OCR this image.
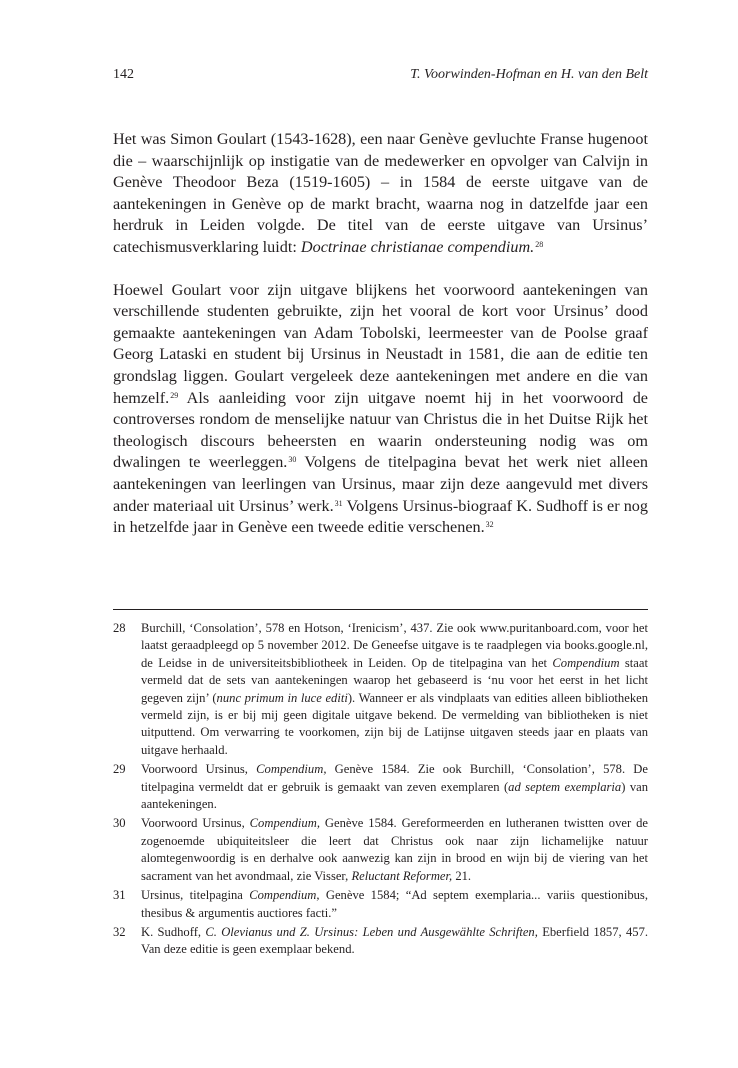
142	T. Voorwinden-Hofman en H. van den Belt

Het was Simon Goulart (1543-1628), een naar Genève gevluchte Franse hugenoot die – waarschijnlijk op instigatie van de medewerker en opvolger van Calvijn in Genève Theodoor Beza (1519-1605) – in 1584 de eerste uitgave van de aantekeningen in Genève op de markt bracht, waarna nog in datzelfde jaar een herdruk in Leiden volgde. De titel van de eerste uitgave van Ursinus’ catechismusverklaring luidt: Doctrinae christianae compendium.$^{28}$

Hoewel Goulart voor zijn uitgave blijkens het voorwoord aantekeningen van verschillende studenten gebruikte, zijn het vooral de kort voor Ursinus’ dood gemaakte aantekeningen van Adam Tobolski, leermeester van de Poolse graaf Georg Lataski en student bij Ursinus in Neustadt in 1581, die aan de editie ten grondslag liggen. Goulart vergeleek deze aantekeningen met andere en die van hemzelf.$^{29}$ Als aanleiding voor zijn uitgave noemt hij in het voorwoord de controverses rondom de menselijke natuur van Christus die in het Duitse Rijk het theologisch discours beheersten en waarin ondersteuning nodig was om dwalingen te weerleggen.$^{30}$ Volgens de titelpagina bevat het werk niet alleen aantekeningen van leerlingen van Ursinus, maar zijn deze aangevuld met divers ander materiaal uit Ursinus’ werk.$^{31}$ Volgens Ursinus-biograaf K. Sudhoff is er nog in hetzelfde jaar in Genève een tweede editie verschenen.$^{32}$

28 Burchill, ‘Consolation’, 578 en Hotson, ‘Irenicism’, 437. Zie ook www.puritanboard.com, voor het laatst geraadpleegd op 5 november 2012. De Geneefse uitgave is te raadplegen via books.google.nl, de Leidse in de universiteitsbibliotheek in Leiden. Op de titelpagina van het Compendium staat vermeld dat de sets van aantekeningen waarop het gebaseerd is ‘nu voor het eerst in het licht gegeven zijn’ (nunc primum in luce editi). Wanneer er als vindplaats van edities alleen bibliotheken vermeld zijn, is er bij mij geen digitale uitgave bekend. De vermelding van bibliotheken is niet uitputtend. Om verwarring te voorkomen, zijn bij de Latijnse uitgaven steeds jaar en plaats van uitgave herhaald.
29 Voorwoord Ursinus, Compendium, Genève 1584. Zie ook Burchill, ‘Consolation’, 578. De titelpagina vermeldt dat er gebruik is gemaakt van zeven exemplaren (ad septem exemplaria) van aantekeningen.
30 Voorwoord Ursinus, Compendium, Genève 1584. Gereformeerden en lutheranen twistten over de zogenoemde ubiquiteitsleer die leert dat Christus ook naar zijn lichamelijke natuur alomtegenwoordig is en derhalve ook aanwezig kan zijn in brood en wijn bij de viering van het sacrament van het avondmaal, zie Visser, Reluctant Reformer, 21.
31 Ursinus, titelpagina Compendium, Genève 1584; “Ad septem exemplaria... variis questionibus, thesibus & argumentis auctiores facti.”
32 K. Sudhoff, C. Olevianus und Z. Ursinus: Leben und Ausgewählte Schriften, Eberfield 1857, 457. Van deze editie is geen exemplaar bekend.
